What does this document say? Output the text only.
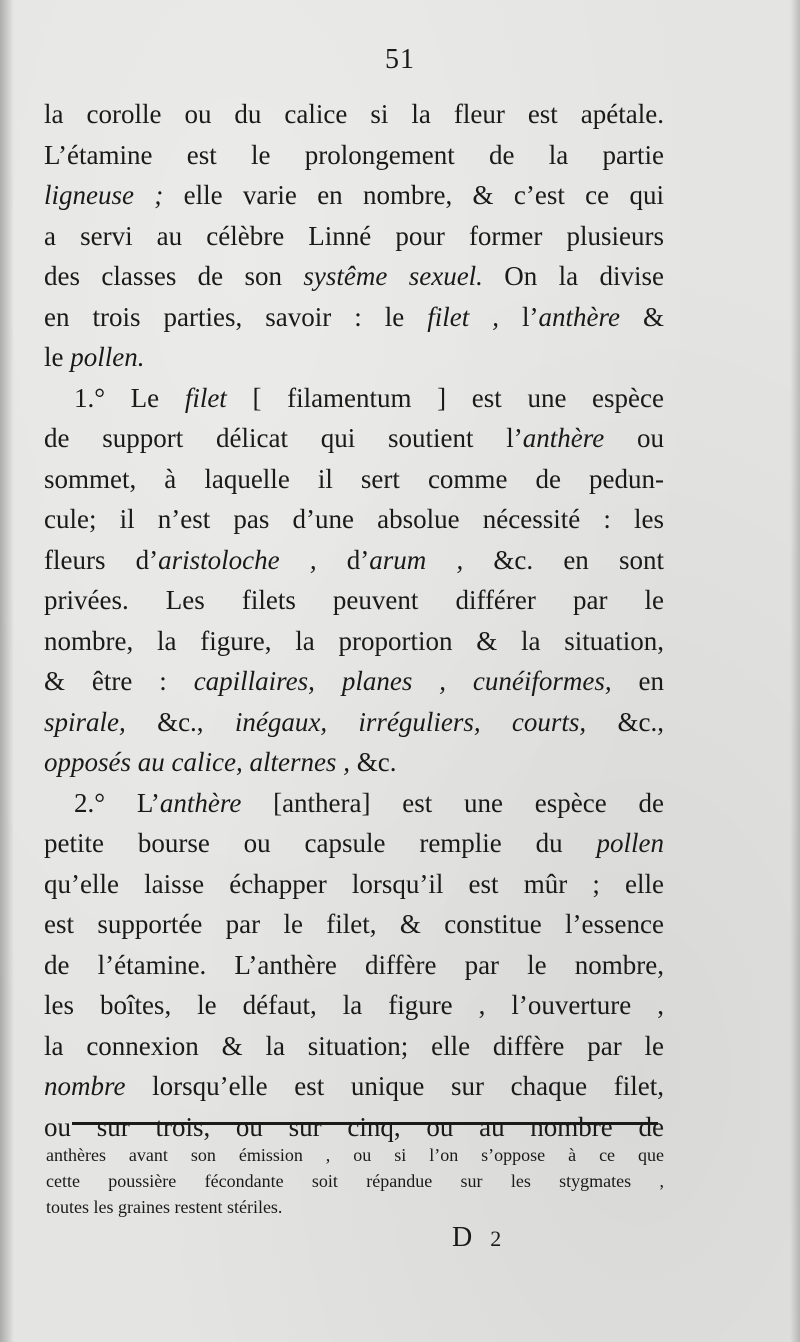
51
la corolle ou du calice si la fleur est apétale.
L’étamine est le prolongement de la partie
ligneuse ; elle varie en nombre, & c’est ce qui
a servi au célèbre Linné pour former plusieurs
des classes de son systême sexuel. On la divise
en trois parties, savoir : le filet , l’anthère &
le pollen.
1.° Le filet [ filamentum ] est une espèce
de support délicat qui soutient l’anthère ou
sommet, à laquelle il sert comme de pedun-
cule; il n’est pas d’une absolue nécessité : les
fleurs d’aristoloche , d’arum , &c. en sont
privées. Les filets peuvent différer par le
nombre, la figure, la proportion & la situation,
& être : capillaires, planes , cunéiformes, en
spirale, &c., inégaux, irréguliers, courts, &c.,
opposés au calice, alternes , &c.
2.° L’anthère [anthera] est une espèce de
petite bourse ou capsule remplie du pollen
qu’elle laisse échapper lorsqu’il est mûr ; elle
est supportée par le filet, & constitue l’essence
de l’étamine. L’anthère diffère par le nombre,
les boîtes, le défaut, la figure , l’ouverture ,
la connexion & la situation; elle diffère par le
nombre lorsqu’elle est unique sur chaque filet,
ou sur trois, ou sur cinq, ou au nombre de
anthères avant son émission , ou si l’on s’oppose à ce que
cette poussière fécondante soit répandue sur les stygmates ,
toutes les graines restent stériles.
D 2
